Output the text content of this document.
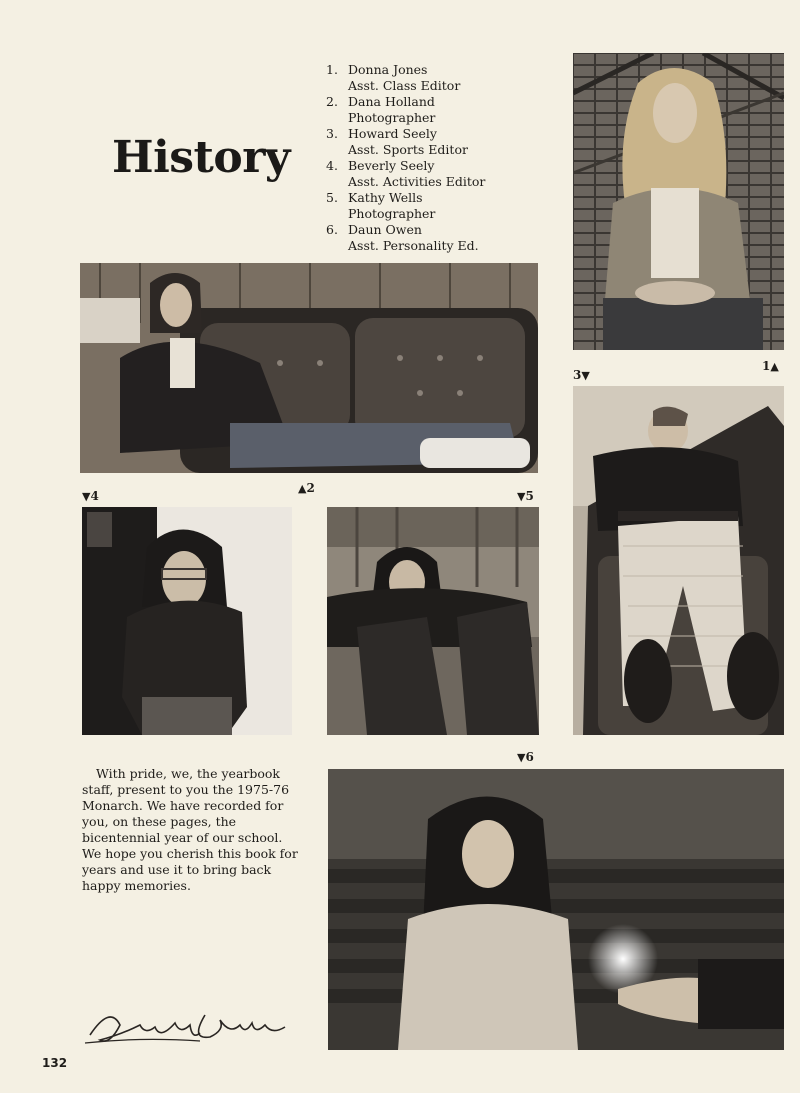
History
1. Donna Jones
Asst. Class Editor
2. Dana Holland
Photographer
3. Howard Seely
Asst. Sports Editor
4. Beverly Seely
Asst. Activities Editor
5. Kathy Wells
Photographer
6. Daun Owen
Asst. Personality Ed.
1▲
▲2
3▼
▼4	▼5
▼6

With pride, we, the yearbook staff, present to you the 1975-76 Monarch. We have recorded for you, on these pages, the bicentennial year of our school. We hope you cherish this book for years and use it to bring back happy memories.

132
